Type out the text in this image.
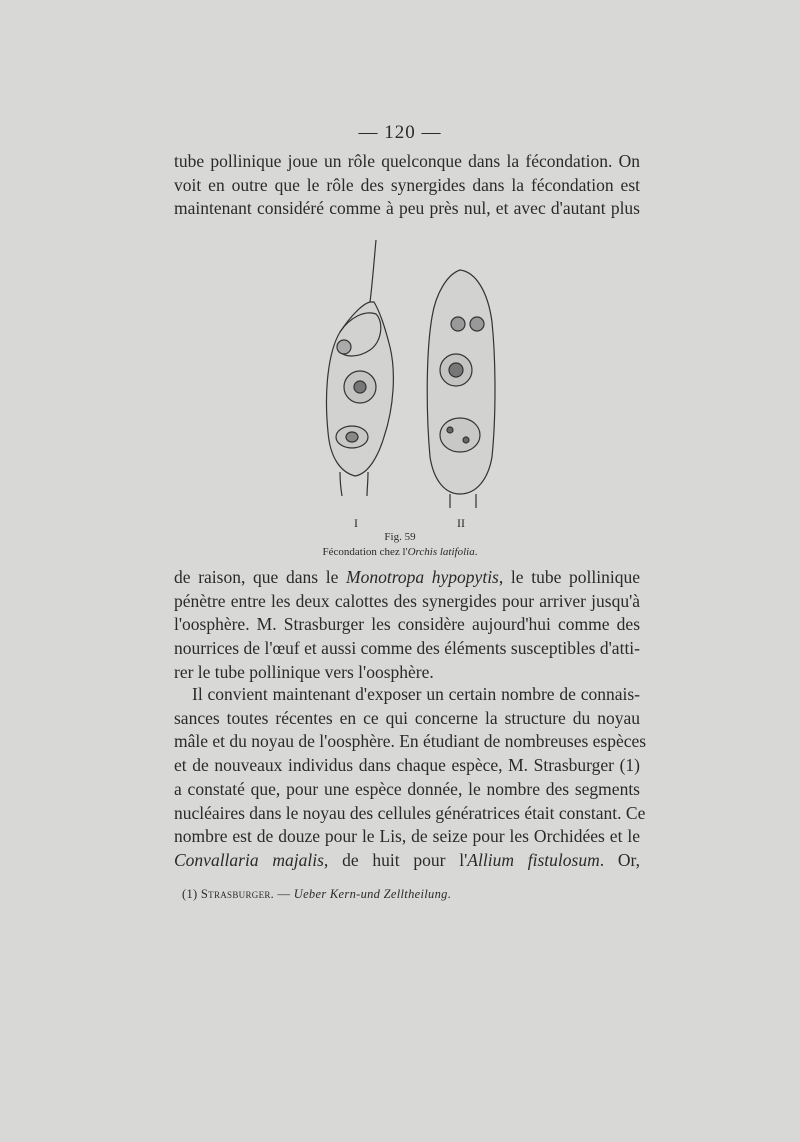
— 120 —

tube pollinique joue un rôle quelconque dans la fécondation. On
voit en outre que le rôle des synergides dans la fécondation est
maintenant considéré comme à peu près nul, et avec d'autant plus

I	II
Fig. 59
Fécondation chez l'Orchis latifolia.

de raison, que dans le Monotropa hypopytis, le tube pollinique
pénètre entre les deux calottes des synergides pour arriver jusqu'à
l'oosphère. M. Strasburger les considère aujourd'hui comme des
nourrices de l'œuf et aussi comme des éléments susceptibles d'atti-
rer le tube pollinique vers l'oosphère.

Il convient maintenant d'exposer un certain nombre de connais-
sances toutes récentes en ce qui concerne la structure du noyau
mâle et du noyau de l'oosphère. En étudiant de nombreuses espèces
et de nouveaux individus dans chaque espèce, M. Strasburger (1)
a constaté que, pour une espèce donnée, le nombre des segments
nucléaires dans le noyau des cellules génératrices était constant. Ce
nombre est de douze pour le Lis, de seize pour les Orchidées et le
Convallaria majalis, de huit pour l'Allium fistulosum. Or,

(1) Strasburger. — Ueber Kern-und Zelltheilung.
